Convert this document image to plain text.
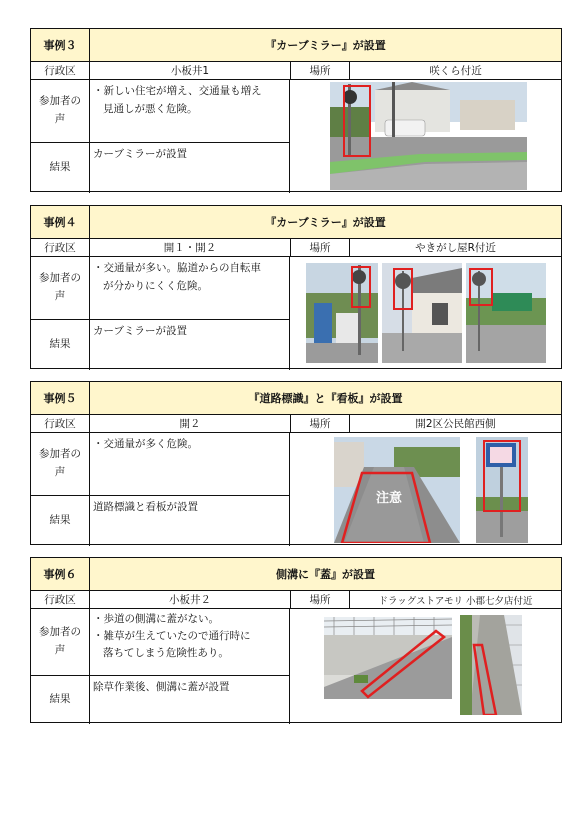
事例３	『カーブミラー』が設置
行政区	小板井1	場所	咲くら付近
参加者の
声
・新しい住宅が増え、交通量も増え
見通しが悪く危険。
結果
カーブミラーが設置
事例４	『カーブミラー』が設置
行政区	開１・開２	場所	やきがし屋R付近
参加者の
声
・交通量が多い。脇道からの自転車
が分かりにくく危険。
結果
カーブミラーが設置
事例５	『道路標識』と『看板』が設置
行政区	開２	場所	開2区公民館西側
参加者の
声
・交通量が多く危険。
結果
道路標識と看板が設置
注意
事例６	側溝に『蓋』が設置
行政区	小板井２	場所	ドラッグストアモリ 小郡七夕店付近
参加者の
声
・歩道の側溝に蓋がない。
・雑草が生えていたので通行時に
落ちてしまう危険性あり。
結果
除草作業後、側溝に蓋が設置
